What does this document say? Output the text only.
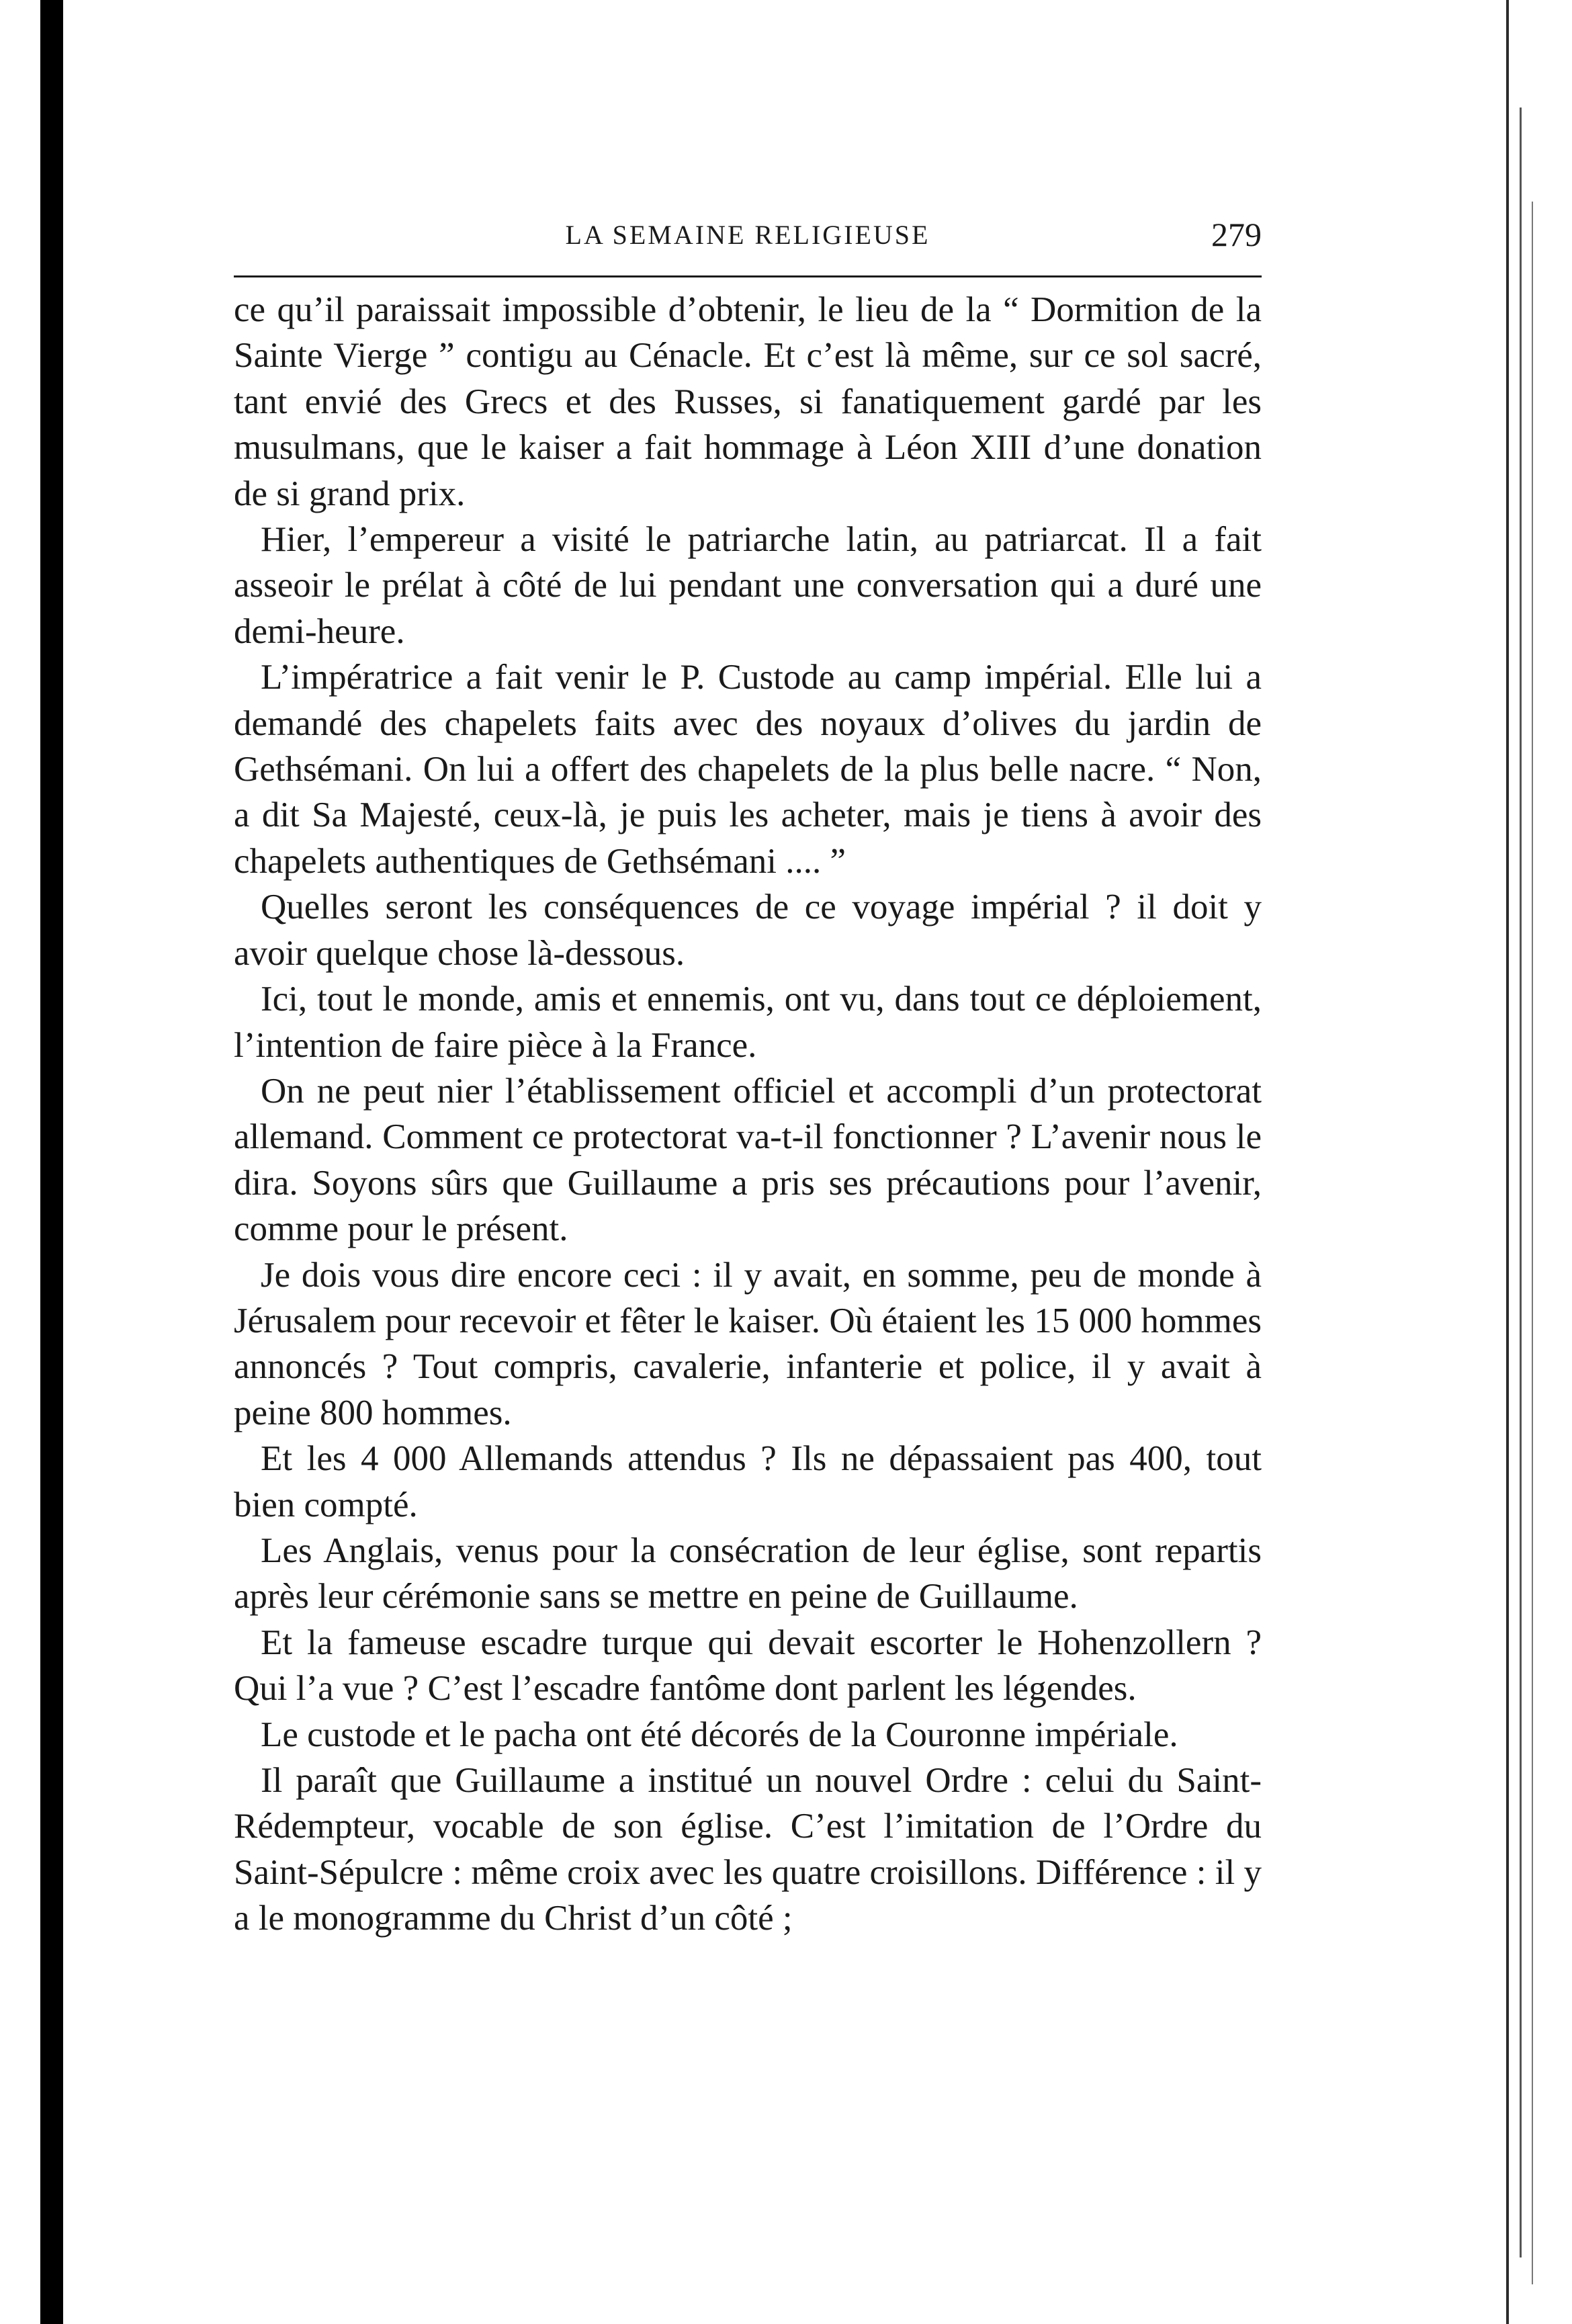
LA SEMAINE RELIGIEUSE	279

ce qu’il paraissait impossible d’obtenir, le lieu de la “ Dormition de la Sainte Vierge ” contigu au Cénacle. Et c’est là même, sur ce sol sacré, tant envié des Grecs et des Russes, si fanatiquement gardé par les musulmans, que le kaiser a fait hommage à Léon XIII d’une donation de si grand prix.

Hier, l’empereur a visité le patriarche latin, au patriarcat. Il a fait asseoir le prélat à côté de lui pendant une conversation qui a duré une demi-heure.

L’impératrice a fait venir le P. Custode au camp impérial. Elle lui a demandé des chapelets faits avec des noyaux d’olives du jardin de Gethsémani. On lui a offert des chapelets de la plus belle nacre. “ Non, a dit Sa Majesté, ceux-là, je puis les acheter, mais je tiens à avoir des chapelets authentiques de Gethsémani .... ”

Quelles seront les conséquences de ce voyage impérial ? il doit y avoir quelque chose là-dessous.

Ici, tout le monde, amis et ennemis, ont vu, dans tout ce déploiement, l’intention de faire pièce à la France.

On ne peut nier l’établissement officiel et accompli d’un protectorat allemand. Comment ce protectorat va-t-il fonctionner ? L’avenir nous le dira. Soyons sûrs que Guillaume a pris ses précautions pour l’avenir, comme pour le présent.

Je dois vous dire encore ceci : il y avait, en somme, peu de monde à Jérusalem pour recevoir et fêter le kaiser. Où étaient les 15 000 hommes annoncés ? Tout compris, cavalerie, infanterie et police, il y avait à peine 800 hommes.

Et les 4 000 Allemands attendus ? Ils ne dépassaient pas 400, tout bien compté.

Les Anglais, venus pour la consécration de leur église, sont repartis après leur cérémonie sans se mettre en peine de Guillaume.

Et la fameuse escadre turque qui devait escorter le Hohenzollern ? Qui l’a vue ? C’est l’escadre fantôme dont parlent les légendes.

Le custode et le pacha ont été décorés de la Couronne impériale.

Il paraît que Guillaume a institué un nouvel Ordre : celui du Saint-Rédempteur, vocable de son église. C’est l’imitation de l’Ordre du Saint-Sépulcre : même croix avec les quatre croisillons. Différence : il y a le monogramme du Christ d’un côté ;
